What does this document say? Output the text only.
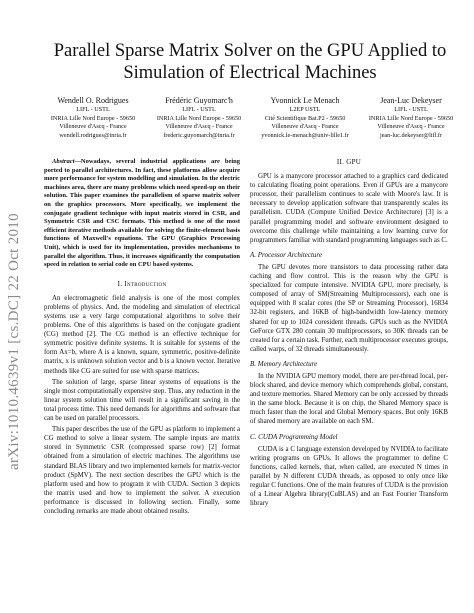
arXiv:1010.4639v1 [cs.DC] 22 Oct 2010
Parallel Sparse Matrix Solver on the GPU Applied to Simulation of Electrical Machines
Wendell O. Rodrigues
LIFL - USTL
INRIA Lille Nord Europe - 59650
Villeneuve d'Ascq - France
wendell.rodrigues@inria.fr
Frédéric Guyomarc'h
LIFL - USTL
INRIA Lille Nord Europe - 59650
Villeneuve d'Ascq - France
frederic.guyomarch@inria.fr
Yvonnick Le Menach
L2EP USTL
Cité Scientifique Bat.P2 - 59650
Villeneuve d'Ascq - France
yvonnick.le-menach@univ-lille1.fr
Jean-Luc Dekeyser
LIFL - USTL
INRIA Lille Nord Europe - 59650
Villeneuve d'Ascq - France
jean-luc.dekeyser@lifl.fr

Abstract—Nowadays, several industrial applications are being ported to parallel architectures. In fact, these platforms allow acquire more performance for system modelling and simulation. In the electric machines area, there are many problems which need speed-up on their solution. This paper examines the parallelism of sparse matrix solver on the graphics processors. More specifically, we implement the conjugate gradient technique with input matrix stored in CSR, and Symmetric CSR and CSC formats. This method is one of the most efficient iterative methods available for solving the finite-element basis functions of Maxwell's equations. The GPU (Graphics Processing Unit), which is used for its implementation, provides mechanisms to parallel the algorithm. Thus, it increases significantly the computation speed in relation to serial code on CPU based systems.

I. Introduction

An electromagnetic field analysis is one of the most complex problems of physics. And, the modeling and simulation of electrical systems use a very large computational algorithms to solve their problems. One of this algorithms is based on the conjugate gradient (CG) method [2]. The CG method is an effective technique for symmetric positive definite systems. It is suitable for systems of the form Ax=b, where A is a known, square, symmetric, positive-definite matrix, x is unknown solution vector and b is a known vector. Iterative methods like CG are suited for use with sparse matrices.

The solution of large, sparse linear systems of equations is the single most computationally expensive step. Thus, any reduction in the linear system solution time will result in a significant saving in the total process time. This need demands for algorithms and software that can be used on parallel processors.

This paper describes the use of the GPU as platform to implement a CG method to solve a linear system. The sample inputs are matrix stored in Symmetric CSR (compressed sparse row) [2] format obtained from a simulation of electric machines. The algorithms use standard BLAS library and two implemented kernels for matrix-vector product (SpMV). The next section describes the GPU which is the platform used and how to program it with CUDA. Section 3 depicts the matrix used and how to implement the solver. A execution performance is discussed in following section. Finally, some concluding remarks are made about obtained results.

II. GPU

GPU is a manycore processor attached to a graphics card dedicated to calculating floating point operations. Even if GPUs are a manycore processor, their parallelism continues to scale with Moore's law. It is necessary to develop application software that transparently scales its parallelism. CUDA (Compute Unified Device Architecture) [3] is a parallel programming model and software environment designed to overcome this challenge while maintaining a low learning curve for programmers familiar with standard programming languages such as C.

A. Processor Architecture

The GPU devotes more transistors to data processing rather data caching and flow control. This is the reason why the GPU is specialized for compute intensive. NVIDIA GPU, more precisely, is composed of array of SM(Streaming Multiprocessors), each one is equipped with 8 scalar cores (the SP or Streaming Processor), 16834 32-bit registers, and 16KB of high-bandwidth low-latency memory shared for up to 1024 coresident threads. GPUs such as the NVIDIA GeForce GTX 280 contain 30 multiprocessors, so 30K threads can be created for a certain task. Further, each multiprocessor executes groups, called warps, of 32 threads simultaneously.

B. Memory Architecture

In the NVIDIA GPU memory model, there are per-thread local, per-block shared, and device memory which comprehends global, constant, and texture memories. Shared Memory can be only accessed by threads in the same block. Because it is on chip, the Shared Memory space is much faster than the local and Global Memory spaces. But only 16KB of shared memory are available on each SM.

C. CUDA Programming Model

CUDA is a C language extension developed by NVIDIA to facilitate writing programs on GPUs. It allows the programmer to define C functions, called kernels, that, when called, are executed N times in parallel by N different CUDA threads, as opposed to only once like regular C functions. One of the main features of CUDA is the provision of a Linear Algebra library(CuBLAS) and an Fast Fourier Transform library
